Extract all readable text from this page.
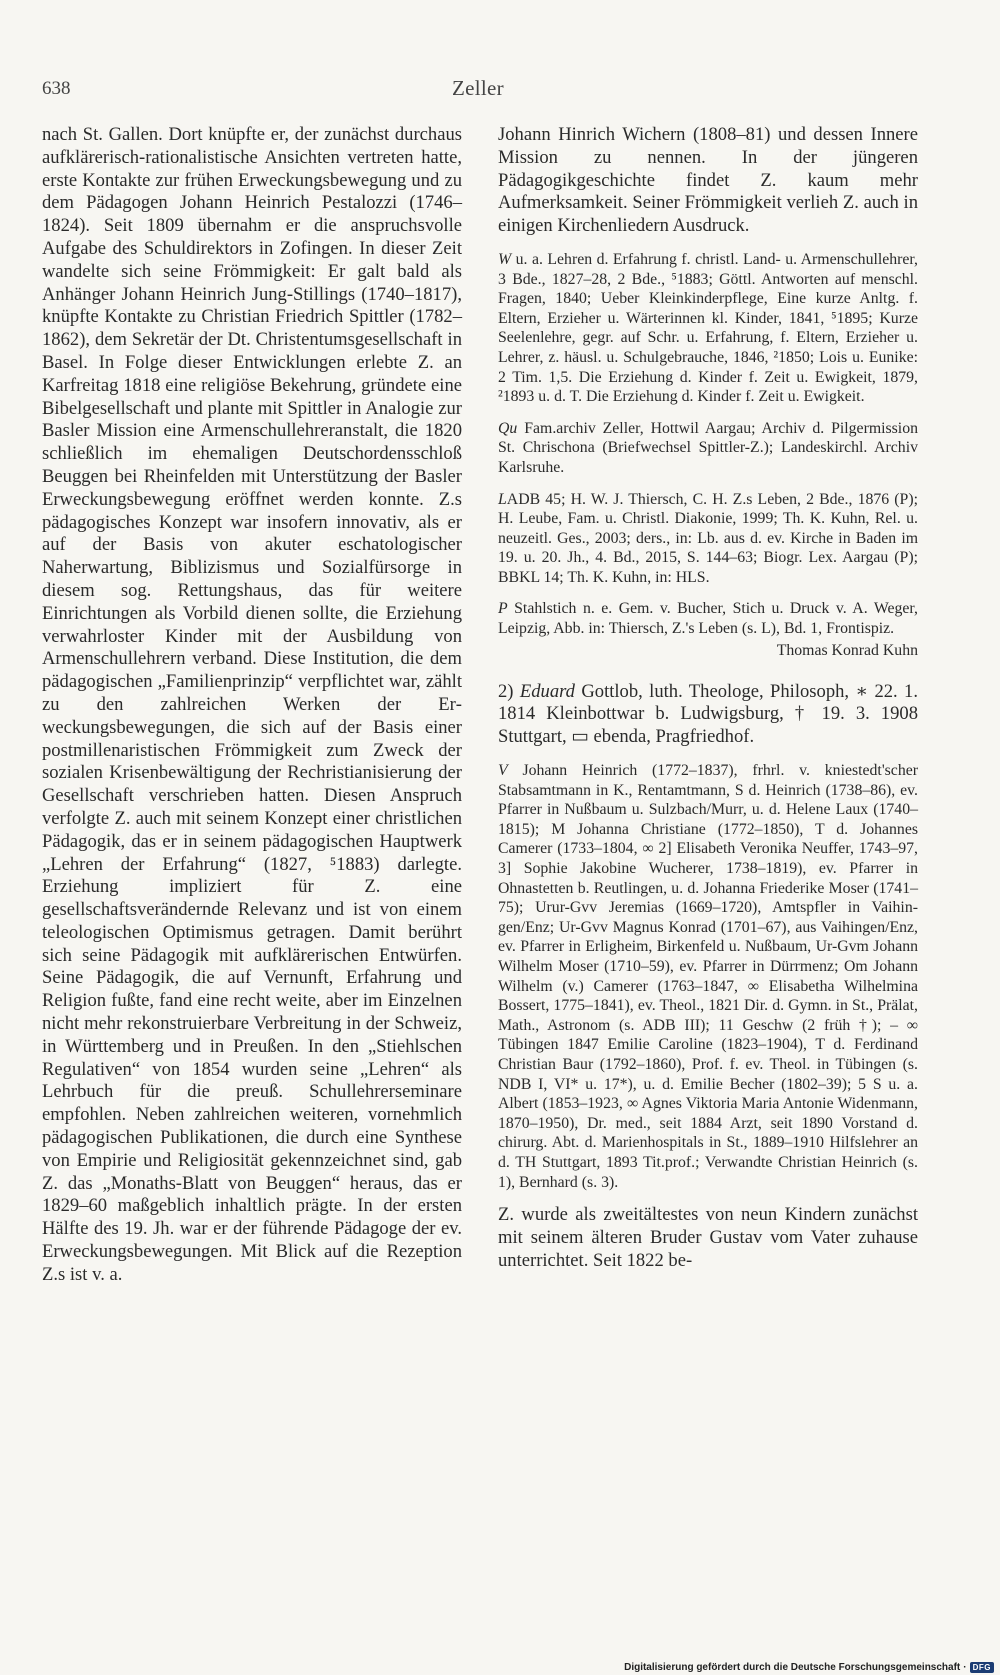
638	Zeller

nach St. Gallen. Dort knüpfte er, der zunächst durchaus aufklärerisch-rationalistische Ansichten vertreten hatte, erste Kontakte zur frühen Erweckungsbewegung und zu dem Pädagogen Johann Heinrich Pestalozzi (1746–1824). Seit 1809 übernahm er die anspruchsvolle Aufgabe des Schuldirektors in Zofingen. In dieser Zeit wandelte sich seine Frömmigkeit: Er galt bald als Anhänger Johann Heinrich Jung-Stillings (1740–1817), knüpfte Kontakte zu Christian Friedrich Spittler (1782–1862), dem Sekretär der Dt. Christentumsgesellschaft in Basel. In Folge dieser Entwicklungen erlebte Z. an Karfreitag 1818 eine religiöse Bekehrung, gründete eine Bibelgesellschaft und plante mit Spittler in Analogie zur Basler Mission eine Armenschullehreranstalt, die 1820 schließlich im ehemaligen Deutschordensschloß Beuggen bei Rheinfelden mit Unterstützung der Basler Erweckungsbewegung eröffnet werden konnte. Z.s pädagogisches Konzept war insofern innovativ, als er auf der Basis von akuter eschatologischer Naherwartung, Biblizismus und Sozialfürsorge in diesem sog. Rettungshaus, das für weitere Einrichtungen als Vorbild dienen sollte, die Erziehung verwahrloster Kinder mit der Ausbildung von Armenschullehrern verband. Diese Institution, die dem pädagogischen „Familienprinzip“ verpflichtet war, zählt zu den zahlreichen Werken der Erweckungsbewegungen, die sich auf der Basis einer postmillenaristischen Frömmigkeit zum Zweck der sozialen Krisenbewältigung der Rechristianisierung der Gesellschaft verschrieben hatten. Diesen Anspruch verfolgte Z. auch mit seinem Konzept einer christlichen Pädagogik, das er in seinem pädagogischen Hauptwerk „Lehren der Erfahrung“ (1827, ⁵1883) darlegte. Erziehung impliziert für Z. eine gesellschaftsverändernde Relevanz und ist von einem teleologischen Optimismus getragen. Damit berührt sich seine Pädagogik mit aufklärerischen Entwürfen. Seine Pädagogik, die auf Vernunft, Erfahrung und Religion fußte, fand eine recht weite, aber im Einzelnen nicht mehr rekonstruierbare Verbreitung in der Schweiz, in Württemberg und in Preußen. In den „Stiehlschen Regulativen“ von 1854 wurden seine „Lehren“ als Lehrbuch für die preuß. Schullehrerseminare empfohlen. Neben zahlreichen weiteren, vornehmlich pädagogischen Publikationen, die durch eine Synthese von Empirie und Religiosität gekennzeichnet sind, gab Z. das „Monaths-Blatt von Beuggen“ heraus, das er 1829–60 maßgeblich inhaltlich prägte. In der ersten Hälfte des 19. Jh. war er der führende Pädagoge der ev. Erweckungsbewegungen. Mit Blick auf die Rezeption Z.s ist v. a.

Johann Hinrich Wichern (1808–81) und dessen Innere Mission zu nennen. In der jüngeren Pädagogikgeschichte findet Z. kaum mehr Aufmerksamkeit. Seiner Frömmigkeit verlieh Z. auch in einigen Kirchenliedern Ausdruck.

W u. a. Lehren d. Erfahrung f. christl. Land- u. Armenschullehrer, 3 Bde., 1827–28, 2 Bde., ⁵1883; Göttl. Antworten auf menschl. Fragen, 1840; Ueber Kleinkinderpflege, Eine kurze Anltg. f. Eltern, Erzieher u. Wärterinnen kl. Kinder, 1841, ⁵1895; Kurze Seelenlehre, gegr. auf Schr. u. Erfahrung, f. Eltern, Erzieher u. Lehrer, z. häusl. u. Schulgebrauche, 1846, ²1850; Lois u. Eunike: 2 Tim. 1,5. Die Erziehung d. Kinder f. Zeit u. Ewigkeit, 1879, ²1893 u. d. T. Die Erziehung d. Kinder f. Zeit u. Ewigkeit.

Qu Fam.archiv Zeller, Hottwil Aargau; Archiv d. Pilgermission St. Chrischona (Briefwechsel Spittler-Z.); Landeskirchl. Archiv Karlsruhe.

LADB 45; H. W. J. Thiersch, C. H. Z.s Leben, 2 Bde., 1876 (P); H. Leube, Fam. u. Christl. Diakonie, 1999; Th. K. Kuhn, Rel. u. neuzeitl. Ges., 2003; ders., in: Lb. aus d. ev. Kirche in Baden im 19. u. 20. Jh., 4. Bd., 2015, S. 144–63; Biogr. Lex. Aargau (P); BBKL 14; Th. K. Kuhn, in: HLS.

P Stahlstich n. e. Gem. v. Bucher, Stich u. Druck v. A. Weger, Leipzig, Abb. in: Thiersch, Z.'s Leben (s. L), Bd. 1, Frontispiz.

Thomas Konrad Kuhn

2) Eduard Gottlob, luth. Theologe, Philosoph, ∗ 22. 1. 1814 Kleinbottwar b. Ludwigsburg, † 19. 3. 1908 Stuttgart, ▭ ebenda, Pragfriedhof.

V Johann Heinrich (1772–1837), frhrl. v. kniestedt'scher Stabsamtmann in K., Rentamtmann, S d. Heinrich (1738–86), ev. Pfarrer in Nußbaum u. Sulzbach/Murr, u. d. Helene Laux (1740–1815); M Johanna Christiane (1772–1850), T d. Johannes Camerer (1733–1804, ∞ 2] Elisabeth Veronika Neuffer, 1743–97, 3] Sophie Jakobine Wucherer, 1738–1819), ev. Pfarrer in Ohnastetten b. Reutlingen, u. d. Johanna Friederike Moser (1741–75); Urur-Gvv Jeremias (1669–1720), Amtspfler in Vaihingen/Enz; Ur-Gvv Magnus Konrad (1701–67), aus Vaihingen/Enz, ev. Pfarrer in Erligheim, Birkenfeld u. Nußbaum, Ur-Gvm Johann Wilhelm Moser (1710–59), ev. Pfarrer in Dürrmenz; Om Johann Wilhelm (v.) Camerer (1763–1847, ∞ Elisabetha Wilhelmina Bossert, 1775–1841), ev. Theol., 1821 Dir. d. Gymn. in St., Prälat, Math., Astronom (s. ADB III); 11 Geschw (2 früh †); – ∞ Tübingen 1847 Emilie Caroline (1823–1904), T d. Ferdinand Christian Baur (1792–1860), Prof. f. ev. Theol. in Tübingen (s. NDB I, VI* u. 17*), u. d. Emilie Becher (1802–39); 5 S u. a. Albert (1853–1923, ∞ Agnes Viktoria Maria Antonie Widenmann, 1870–1950), Dr. med., seit 1884 Arzt, seit 1890 Vorstand d. chirurg. Abt. d. Marienhospitals in St., 1889–1910 Hilfslehrer an d. TH Stuttgart, 1893 Tit.prof.; Verwandte Christian Heinrich (s. 1), Bernhard (s. 3).

Z. wurde als zweitältestes von neun Kindern zunächst mit seinem älteren Bruder Gustav vom Vater zuhause unterrichtet. Seit 1822 be-

Digitalisierung gefördert durch die Deutsche Forschungsgemeinschaft · DFG
